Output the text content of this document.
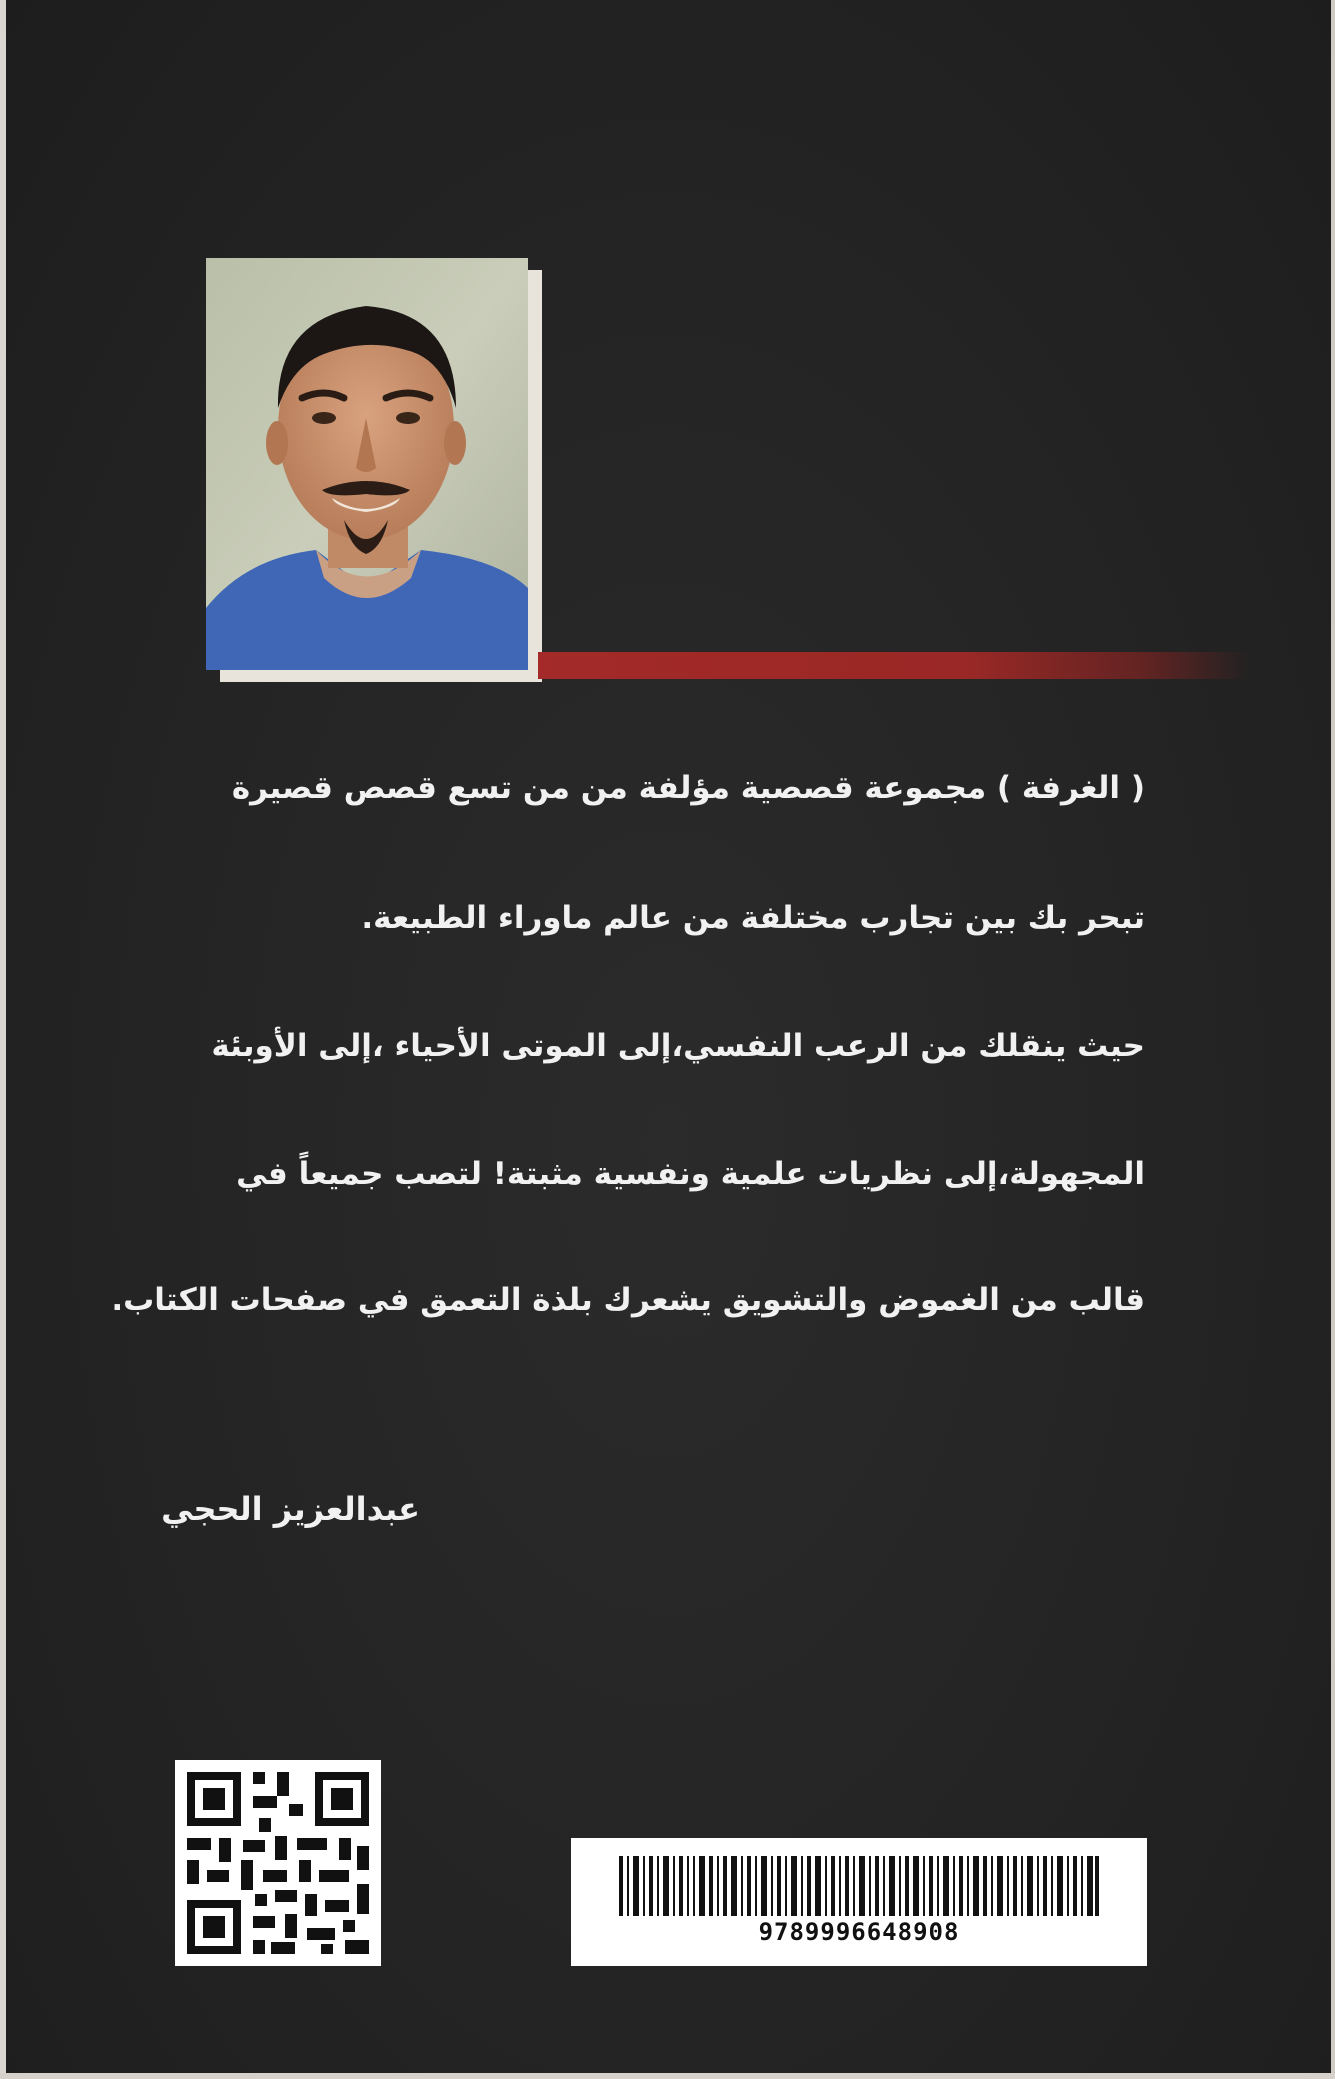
( الغرفة ) مجموعة قصصية مؤلفة من من تسع قصص قصيرة
تبحر بك بين تجارب مختلفة من عالم ماوراء الطبيعة.
حيث ينقلك من الرعب النفسي،إلى الموتى الأحياء ،إلى الأوبئة
المجهولة،إلى نظريات علمية ونفسية مثبتة! لتصب جميعاً في
قالب من الغموض والتشويق يشعرك بلذة التعمق في صفحات الكتاب.
عبدالعزيز الحجي
9789996648908
